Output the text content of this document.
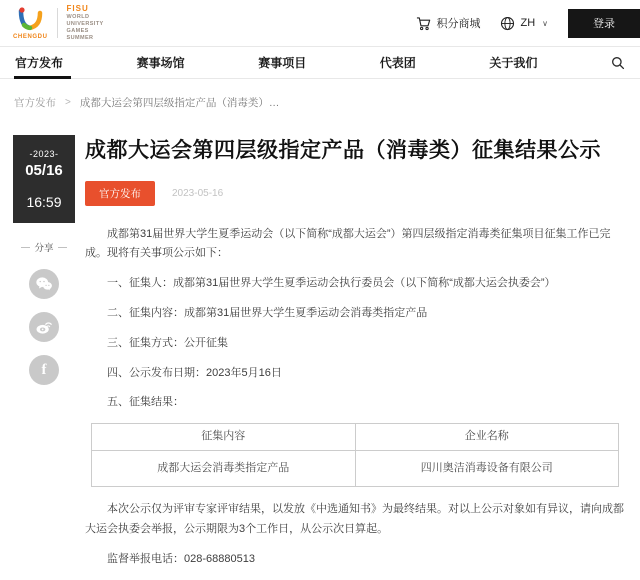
CHENGDU
FISU
WORLD
UNIVERSITY
GAMES
SUMMER
积分商城	ZH ∨	登录
官方发布	赛事场馆	赛事项目	代表团	关于我们
官方发布 > 成都大运会第四层级指定产品（消毒类）…
-2023-
05/16
16:59
分享
f
成都大运会第四层级指定产品（消毒类）征集结果公示
官方发布	2023-05-16

成都第31届世界大学生夏季运动会（以下简称“成都大运会”）第四层级指定消毒类征集项目征集工作已完成。现将有关事项公示如下：

一、征集人：成都第31届世界大学生夏季运动会执行委员会（以下简称“成都大运会执委会”）

二、征集内容：成都第31届世界大学生夏季运动会消毒类指定产品

三、征集方式：公开征集

四、公示发布日期：2023年5月16日

五、征集结果：

征集内容	企业名称
成都大运会消毒类指定产品	四川奥洁消毒设备有限公司

本次公示仅为评审专家评审结果，以发放《中选通知书》为最终结果。对以上公示对象如有异议，请向成都大运会执委会举报，公示期限为3个工作日，从公示次日算起。

监督举报电话：028-68880513
